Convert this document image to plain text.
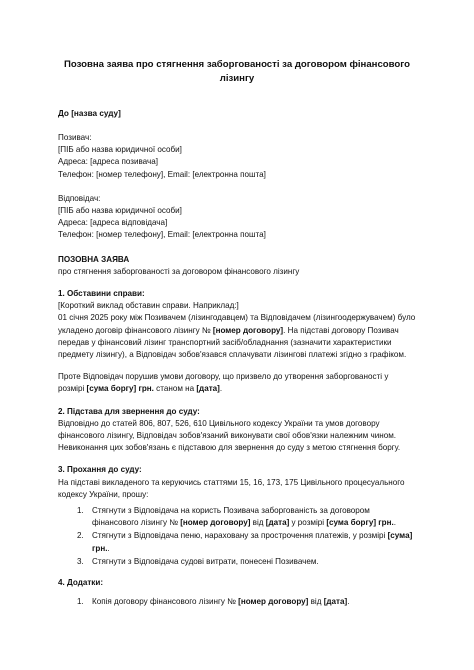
Позовна заява про стягнення заборгованості за договором фінансового лізингу
До [назва суду]

Позивач:

[ПІБ або назва юридичної особи]

Адреса: [адреса позивача]

Телефон: [номер телефону], Email: [електронна пошта]

Відповідач:

[ПІБ або назва юридичної особи]

Адреса: [адреса відповідача]

Телефон: [номер телефону], Email: [електронна пошта]

ПОЗОВНА ЗАЯВА

про стягнення заборгованості за договором фінансового лізингу

1. Обставини справи:

[Короткий виклад обставин справи. Наприклад:]

01 січня 2025 року між Позивачем (лізингодавцем) та Відповідачем (лізингоодержувачем) було укладено договір фінансового лізингу № [номер договору]. На підставі договору Позивач передав у фінансовий лізинг транспортний засіб/обладнання (зазначити характеристики предмету лізингу), а Відповідач зобов'язався сплачувати лізингові платежі згідно з графіком.

Проте Відповідач порушив умови договору, що призвело до утворення заборгованості у розмірі [сума боргу] грн. станом на [дата].

2. Підстава для звернення до суду:

Відповідно до статей 806, 807, 526, 610 Цивільного кодексу України та умов договору фінансового лізингу, Відповідач зобов'язаний виконувати свої обов'язки належним чином. Невиконання цих зобов'язань є підставою для звернення до суду з метою стягнення боргу.

3. Прохання до суду:

На підставі викладеного та керуючись статтями 15, 16, 173, 175 Цивільного процесуального кодексу України, прошу:

1. Стягнути з Відповідача на користь Позивача заборгованість за договором фінансового лізингу № [номер договору] від [дата] у розмірі [сума боргу] грн..
2. Стягнути з Відповідача пеню, нараховану за прострочення платежів, у розмірі [сума] грн..
3. Стягнути з Відповідача судові витрати, понесені Позивачем.

4. Додатки:

1. Копія договору фінансового лізингу № [номер договору] від [дата].
